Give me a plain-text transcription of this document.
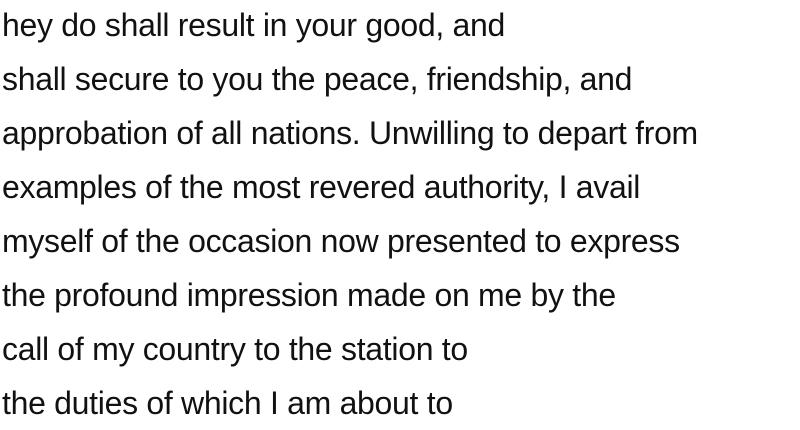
hey do shall result in your good, and
shall secure to you the peace, friendship, and
approbation of all nations. Unwilling to depart from
examples of the most revered authority, I avail
myself of the occasion now presented to express
the profound impression made on me by the
call of my country to the station to
the duties of which I am about to
